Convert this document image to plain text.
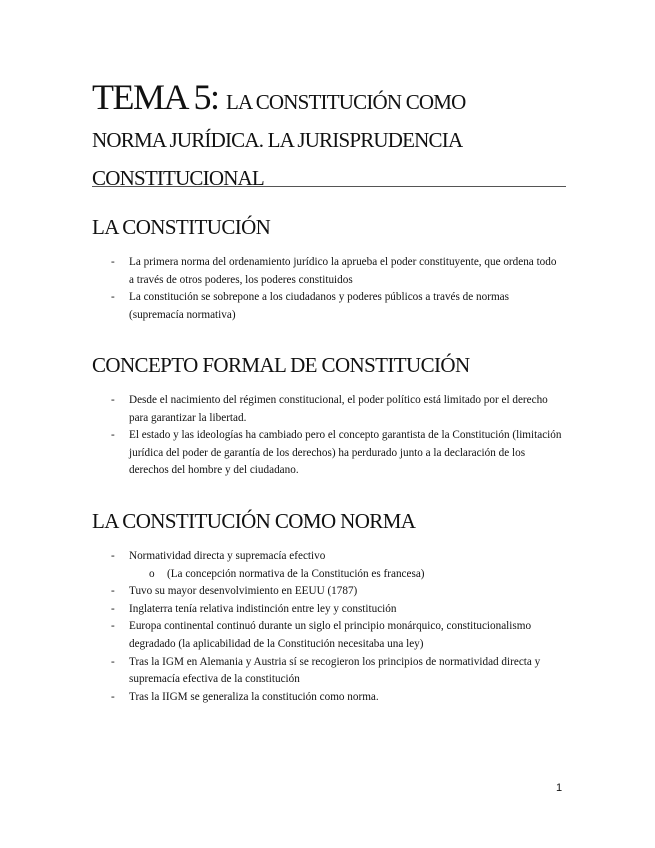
TEMA 5: LA CONSTITUCIÓN COMO
NORMA JURÍDICA. LA JURISPRUDENCIA
CONSTITUCIONAL
LA CONSTITUCIÓN
- La primera norma del ordenamiento jurídico la aprueba el poder constituyente, que ordena todo a través de otros poderes, los poderes constituidos
- La constitución se sobrepone a los ciudadanos y poderes públicos a través de normas (supremacía normativa)
CONCEPTO FORMAL DE CONSTITUCIÓN
- Desde el nacimiento del régimen constitucional, el poder político está limitado por el derecho para garantizar la libertad.
- El estado y las ideologías ha cambiado pero el concepto garantista de la Constitución (limitación jurídica del poder de garantía de los derechos) ha perdurado junto a la declaración de los derechos del hombre y del ciudadano.
LA CONSTITUCIÓN COMO NORMA
- Normatividad directa y supremacía efectivo
o (La concepción normativa de la Constitución es francesa)
- Tuvo su mayor desenvolvimiento en EEUU (1787)
- Inglaterra tenía relativa indistinción entre ley y constitución
- Europa continental continuó durante un siglo el principio monárquico, constitucionalismo degradado (la aplicabilidad de la Constitución necesitaba una ley)
- Tras la IGM en Alemania y Austria sí se recogieron los principios de normatividad directa y supremacía efectiva de la constitución
- Tras la IIGM se generaliza la constitución como norma.
1
